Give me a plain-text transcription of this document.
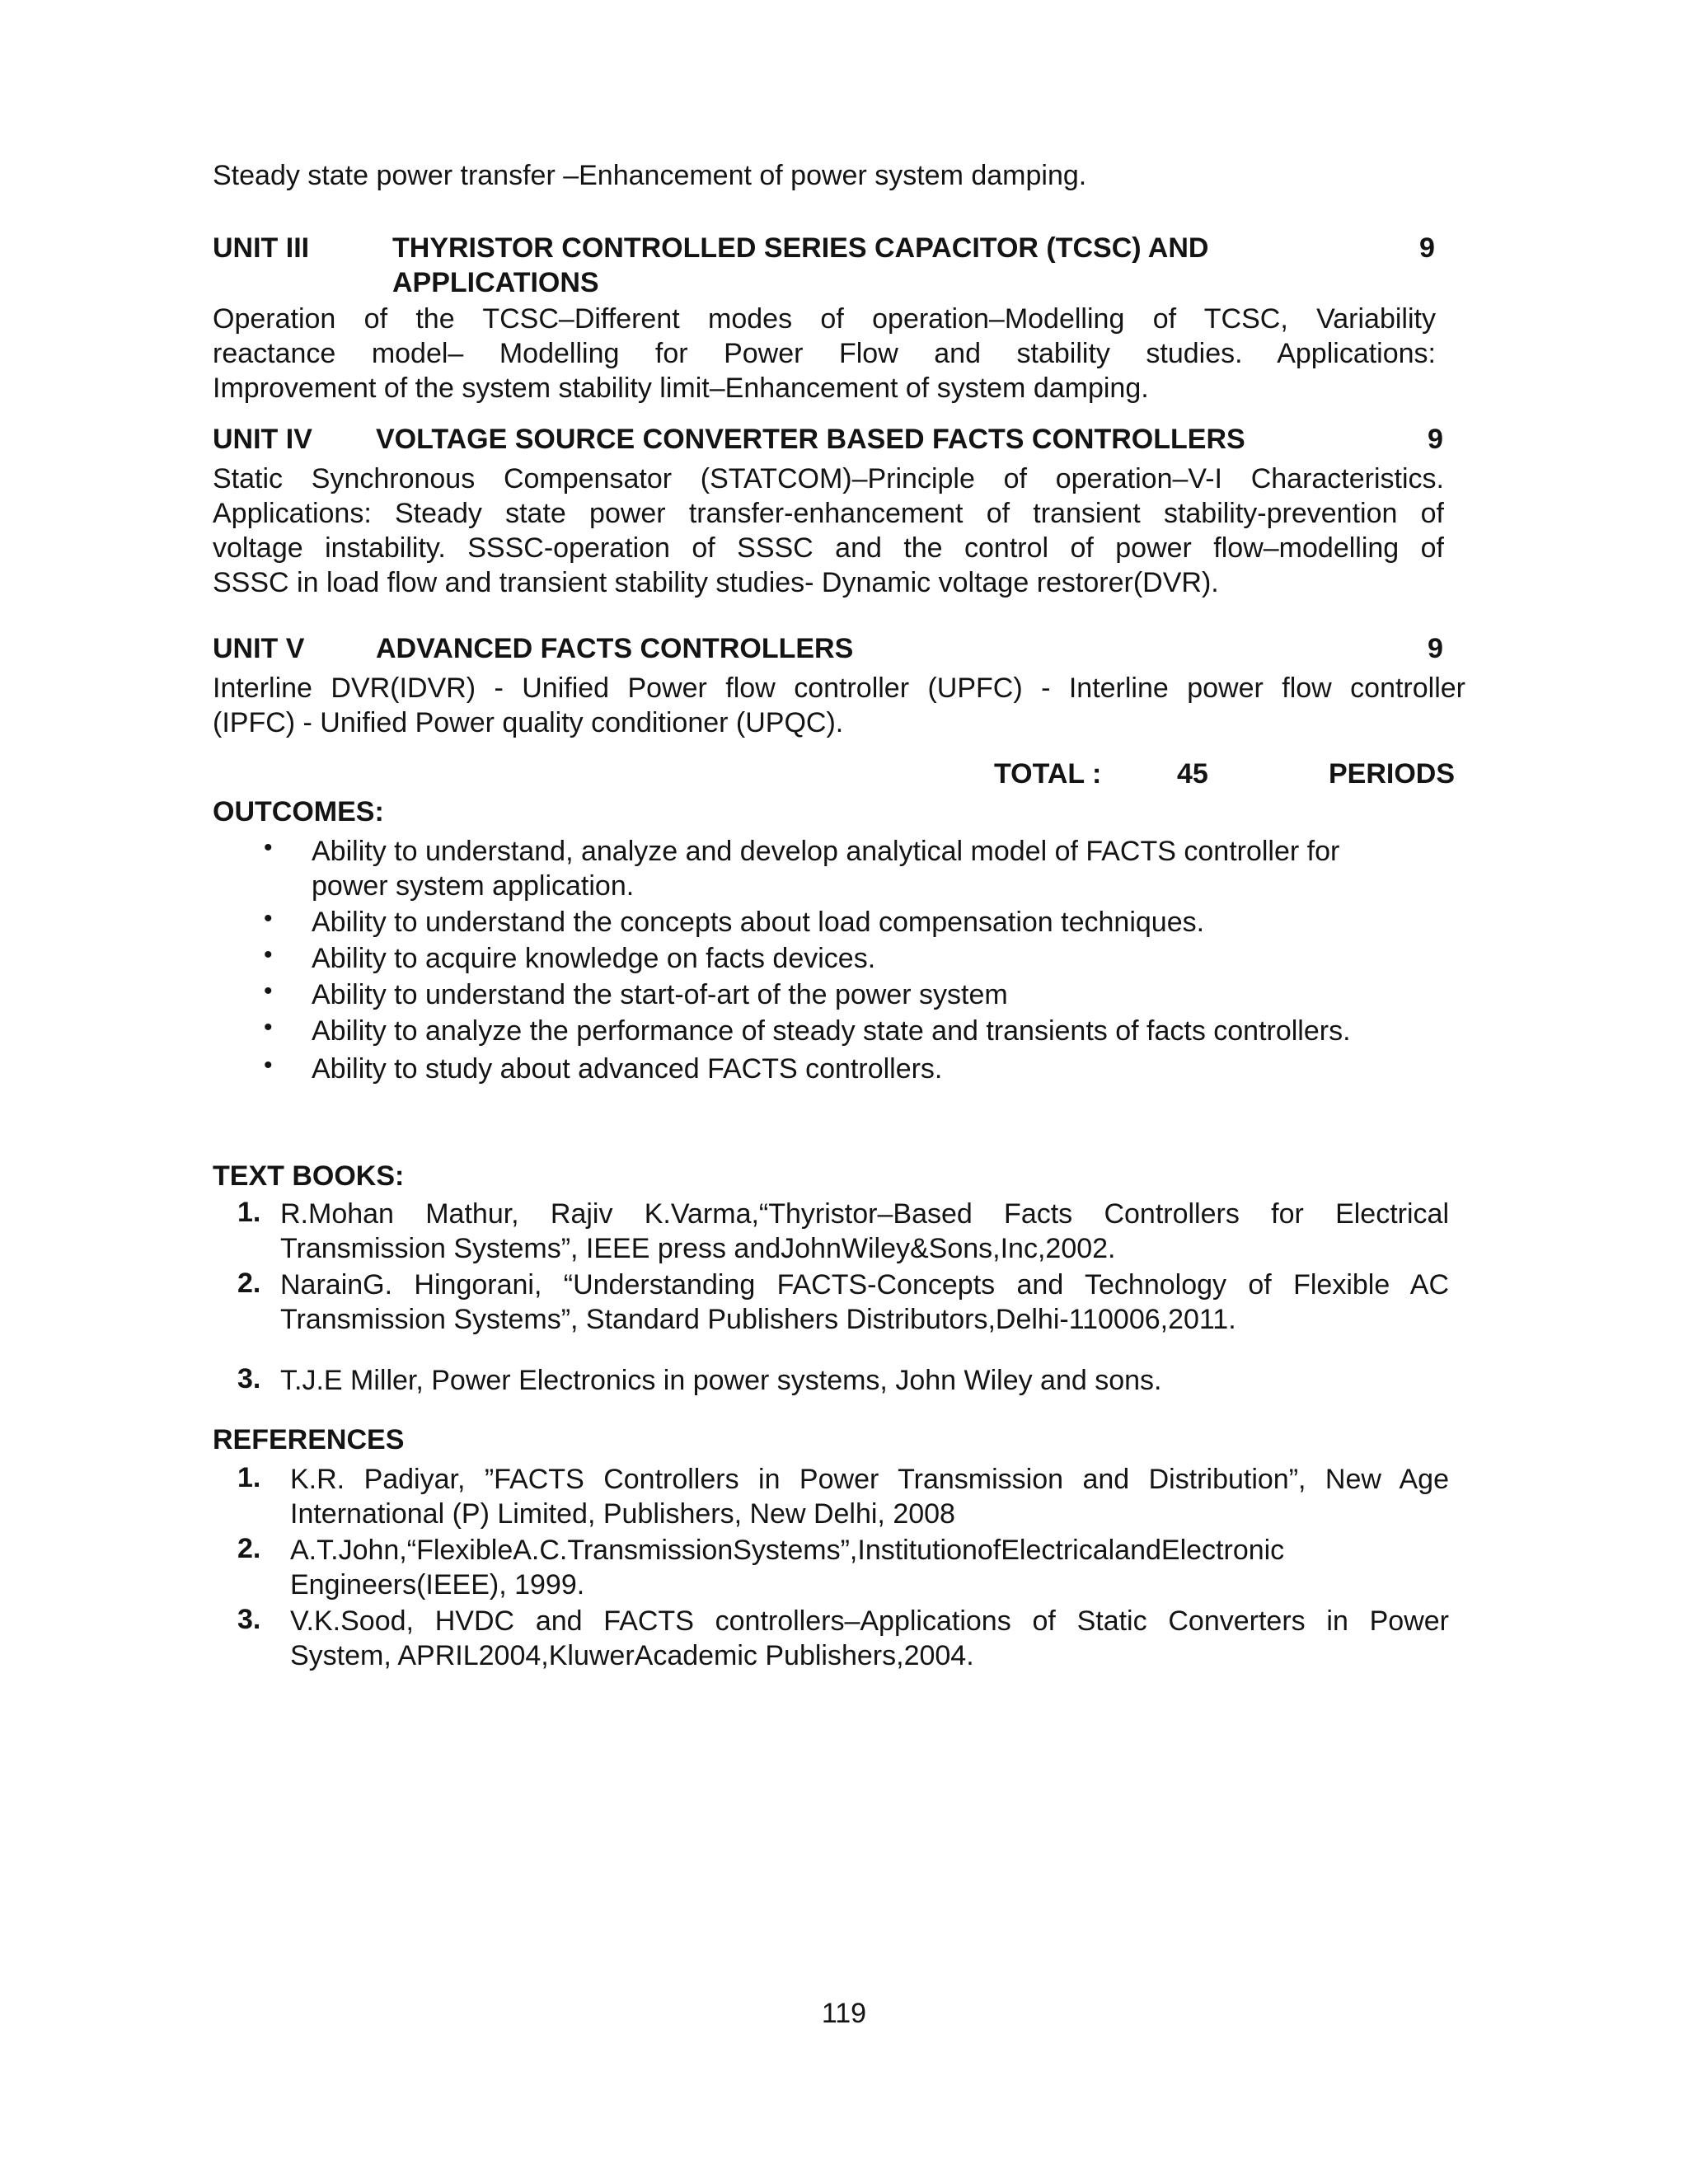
Steady state power transfer –Enhancement of power system damping.
UNIT III	THYRISTOR CONTROLLED SERIES CAPACITOR (TCSC) AND	9
APPLICATIONS
Operation of the TCSC–Different modes of operation–Modelling of TCSC, Variability
reactance model– Modelling for Power Flow and stability studies. Applications:
Improvement of the system stability limit–Enhancement of system damping.
UNIT IV VOLTAGE SOURCE CONVERTER BASED FACTS CONTROLLERS	9
Static Synchronous Compensator (STATCOM)–Principle of operation–V-I Characteristics.
Applications: Steady state power transfer-enhancement of transient stability-prevention of
voltage instability. SSSC-operation of SSSC and the control of power flow–modelling of
SSSC in load flow and transient stability studies- Dynamic voltage restorer(DVR).
UNIT V	ADVANCED FACTS CONTROLLERS	9
Interline DVR(IDVR) - Unified Power flow controller (UPFC) - Interline power flow controller
(IPFC) - Unified Power quality conditioner (UPQC).
TOTAL :	45	PERIODS
OUTCOMES:
• Ability to understand, analyze and develop analytical model of FACTS controller for
power system application.
• Ability to understand the concepts about load compensation techniques.
• Ability to acquire knowledge on facts devices.
• Ability to understand the start-of-art of the power system
• Ability to analyze the performance of steady state and transients of facts controllers.
• Ability to study about advanced FACTS controllers.
TEXT BOOKS:
1. R.Mohan Mathur, Rajiv K.Varma,“Thyristor–Based Facts Controllers for Electrical
Transmission Systems”, IEEE press andJohnWiley&Sons,Inc,2002.
2. NarainG. Hingorani, “Understanding FACTS-Concepts and Technology of Flexible AC
Transmission Systems”, Standard Publishers Distributors,Delhi-110006,2011.
3. T.J.E Miller, Power Electronics in power systems, John Wiley and sons.
REFERENCES
1. K.R. Padiyar, ”FACTS Controllers in Power Transmission and Distribution”, New Age
International (P) Limited, Publishers, New Delhi, 2008
2. A.T.John,“FlexibleA.C.TransmissionSystems”,InstitutionofElectricalandElectronic
Engineers(IEEE), 1999.
3. V.K.Sood, HVDC and FACTS controllers–Applications of Static Converters in Power
System, APRIL2004,KluwerAcademic Publishers,2004.
119
